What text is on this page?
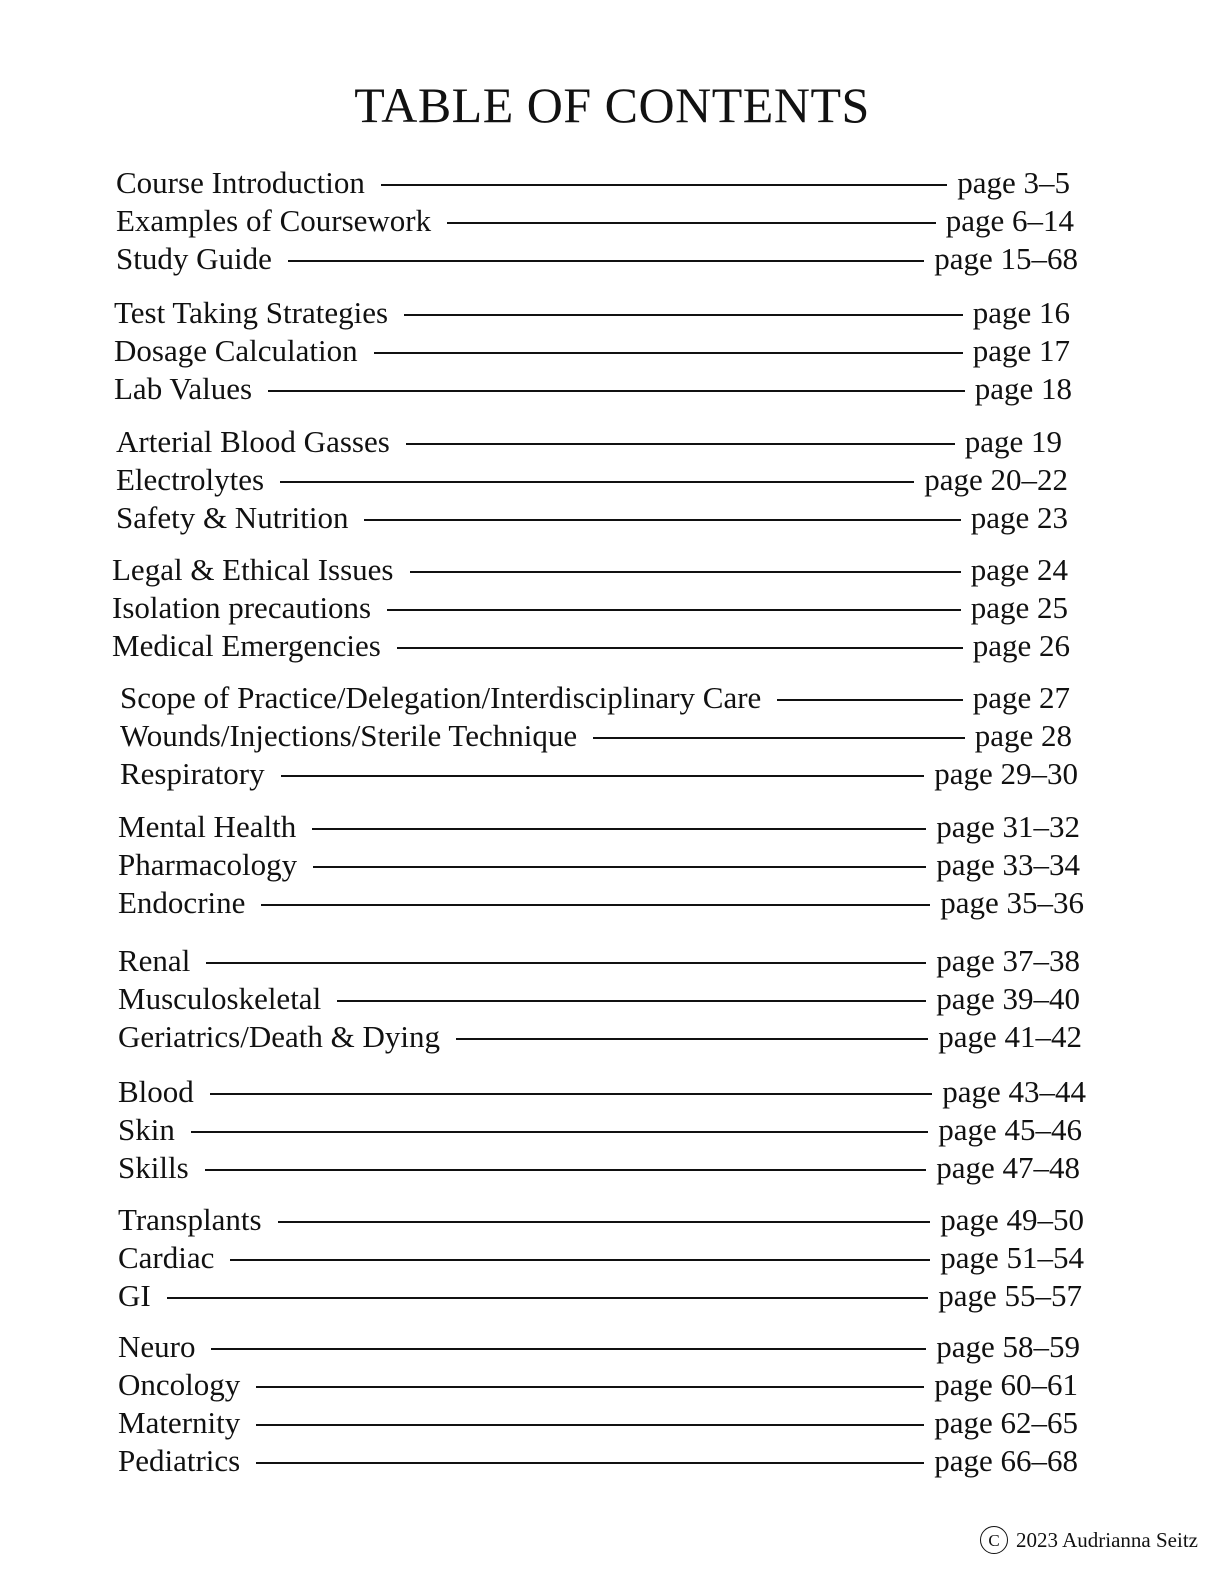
TABLE OF CONTENTS
Course Introduction	page 3–5
Examples of Coursework	page 6–14
Study Guide	page 15–68
Test Taking Strategies	page 16
Dosage Calculation	page 17
Lab Values	page 18
Arterial Blood Gasses	page 19
Electrolytes	page 20–22
Safety & Nutrition	page 23
Legal & Ethical Issues	page 24
Isolation precautions	page 25
Medical Emergencies	page 26
Scope of Practice/Delegation/Interdisciplinary Care	page 27
Wounds/Injections/Sterile Technique	page 28
Respiratory	page 29–30
Mental Health	page 31–32
Pharmacology	page 33–34
Endocrine	page 35–36
Renal	page 37–38
Musculoskeletal	page 39–40
Geriatrics/Death & Dying	page 41–42
Blood	page 43–44
Skin	page 45–46
Skills	page 47–48
Transplants	page 49–50
Cardiac	page 51–54
GI	page 55–57
Neuro	page 58–59
Oncology	page 60–61
Maternity	page 62–65
Pediatrics	page 66–68
C 2023 Audrianna Seitz
